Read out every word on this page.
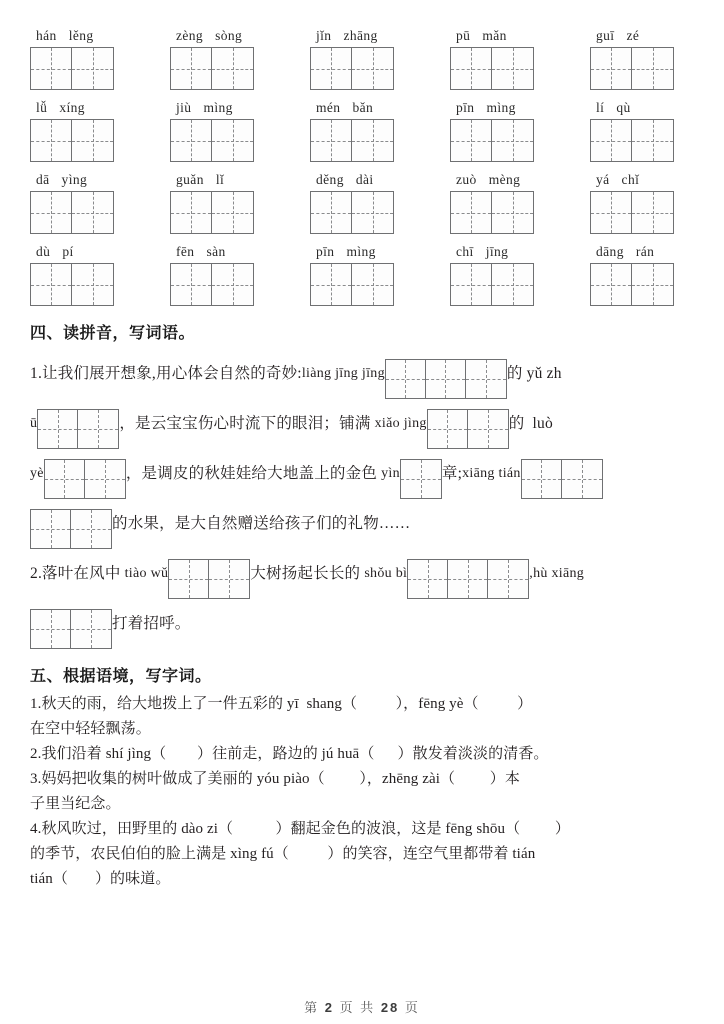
hán lěng	zèng sòng	jǐn zhāng	pū mǎn	guī zé
lǚ xíng	jiù mìng	mén bǎn	pīn mìng	lí qù
dā yìng	guǎn lǐ	děng dài	zuò mèng	yá chǐ
dù pí	fēn sàn	pīn mìng	chī jīng	dāng rán
四、读拼音，写词语。
1.让我们展开想象,用心体会自然的奇妙: liàng jīng jīng	的 yǔ zh
ū	，是云宝宝伤心时流下的眼泪；铺满 xiǎo jìng	的  luò
yè	，是调皮的秋娃娃给大地盖上的金色 yìn	章; xiāng tián
的水果，是大自然赠送给孩子们的礼物……
2.落叶在风中 tiào wǔ	大树扬起长长的 shǒu bì	,hù xiāng
打着招呼。
五、根据语境，写字词。

1.秋天的雨，给大地拨上了一件五彩的 yī  shang（          ），fēng yè（          ）
在空中轻轻飘荡。

2.我们沿着 shí jìng（        ）往前走，路边的 jú huā（      ）散发着淡淡的清香。

3.妈妈把收集的树叶做成了美丽的 yóu piào（         ），zhēng zài（         ）本
子里当纪念。

4.秋风吹过，田野里的 dào zi（           ）翻起金色的波浪，这是 fēng shōu（         ）
的季节，农民伯伯的脸上满是 xìng fú（          ）的笑容，连空气里都带着 tián
tián（       ）的味道。

第 2 页 共 28 页
